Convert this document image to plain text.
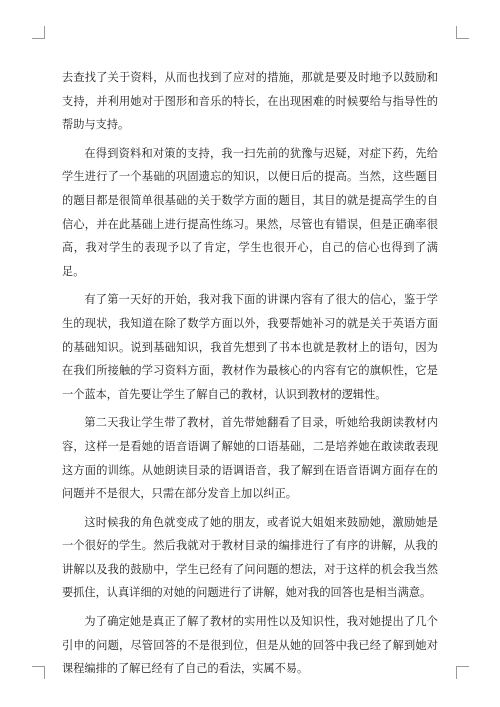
去查找了关于资料，从而也找到了应对的措施，那就是要及时地予以鼓励和支持，并利用她对于图形和音乐的特长，在出现困难的时候要给与指导性的帮助与支持。

在得到资料和对策的支持，我一扫先前的犹豫与迟疑，对症下药，先给学生进行了一个基础的巩固遗忘的知识，以便日后的提高。当然，这些题目的题目都是很简单很基础的关于数学方面的题目，其目的就是提高学生的自信心，并在此基础上进行提高性练习。果然，尽管也有错误，但是正确率很高，我对学生的表现予以了肯定，学生也很开心，自己的信心也得到了满足。

有了第一天好的开始，我对我下面的讲课内容有了很大的信心，鉴于学生的现状，我知道在除了数学方面以外，我要帮她补习的就是关于英语方面的基础知识。说到基础知识，我首先想到了书本也就是教材上的语句，因为在我们所接触的学习资料方面，教材作为最核心的内容有它的旗帜性，它是一个蓝本，首先要让学生了解自己的教材，认识到教材的逻辑性。

第二天我让学生带了教材，首先带她翻看了目录，听她给我朗读教材内容，这样一是看她的语音语调了解她的口语基础，二是培养她在敢读敢表现这方面的训练。从她朗读目录的语调语音，我了解到在语音语调方面存在的问题并不是很大，只需在部分发音上加以纠正。

这时候我的角色就变成了她的朋友，或者说大姐姐来鼓励她，激励她是一个很好的学生。然后我就对于教材目录的编排进行了有序的讲解，从我的讲解以及我的鼓励中，学生已经有了问问题的想法，对于这样的机会我当然要抓住，认真详细的对她的问题进行了讲解，她对我的回答也是相当满意。

为了确定她是真正了解了教材的实用性以及知识性，我对她提出了几个引申的问题，尽管回答的不是很到位，但是从她的回答中我已经了解到她对课程编排的了解已经有了自己的看法，实属不易。
